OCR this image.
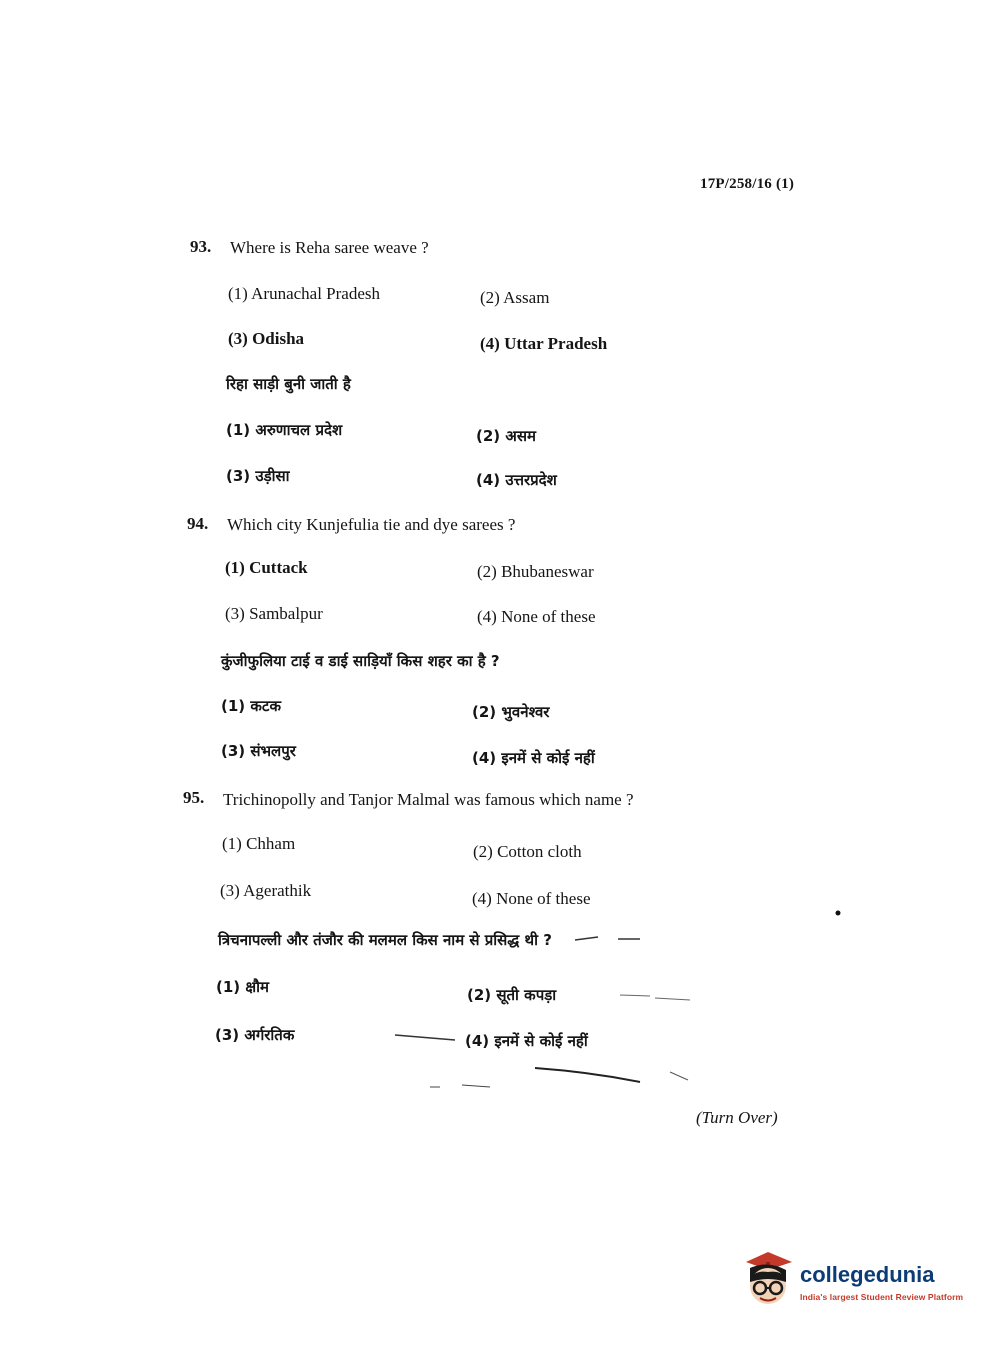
17P/258/16 (1)
93. Where is Reha saree weave ?
(1) Arunachal Pradesh	(2) Assam
(3) Odisha	(4) Uttar Pradesh
रिहा साड़ी बुनी जाती है
(1) अरुणाचल प्रदेश	(2) असम
(3) उड़ीसा	(4) उत्तरप्रदेश
94. Which city Kunjefulia tie and dye sarees ?
(1) Cuttack	(2) Bhubaneswar
(3) Sambalpur	(4) None of these
कुंजीफुलिया टाई व डाई साड़ियाँ किस शहर का है ?
(1) कटक	(2) भुवनेश्वर
(3) संभलपुर	(4) इनमें से कोई नहीं
95. Trichinopolly and Tanjor Malmal was famous which name ?
(1) Chham	(2) Cotton cloth
(3) Agerathik	(4) None of these
त्रिचनापल्ली और तंजौर की मलमल किस नाम से प्रसिद्ध थी ?
(1) क्षौम	(2) सूती कपड़ा
(3) अर्गरतिक	(4) इनमें से कोई नहीं
(Turn Over)
collegedunia
India's largest Student Review Platform
